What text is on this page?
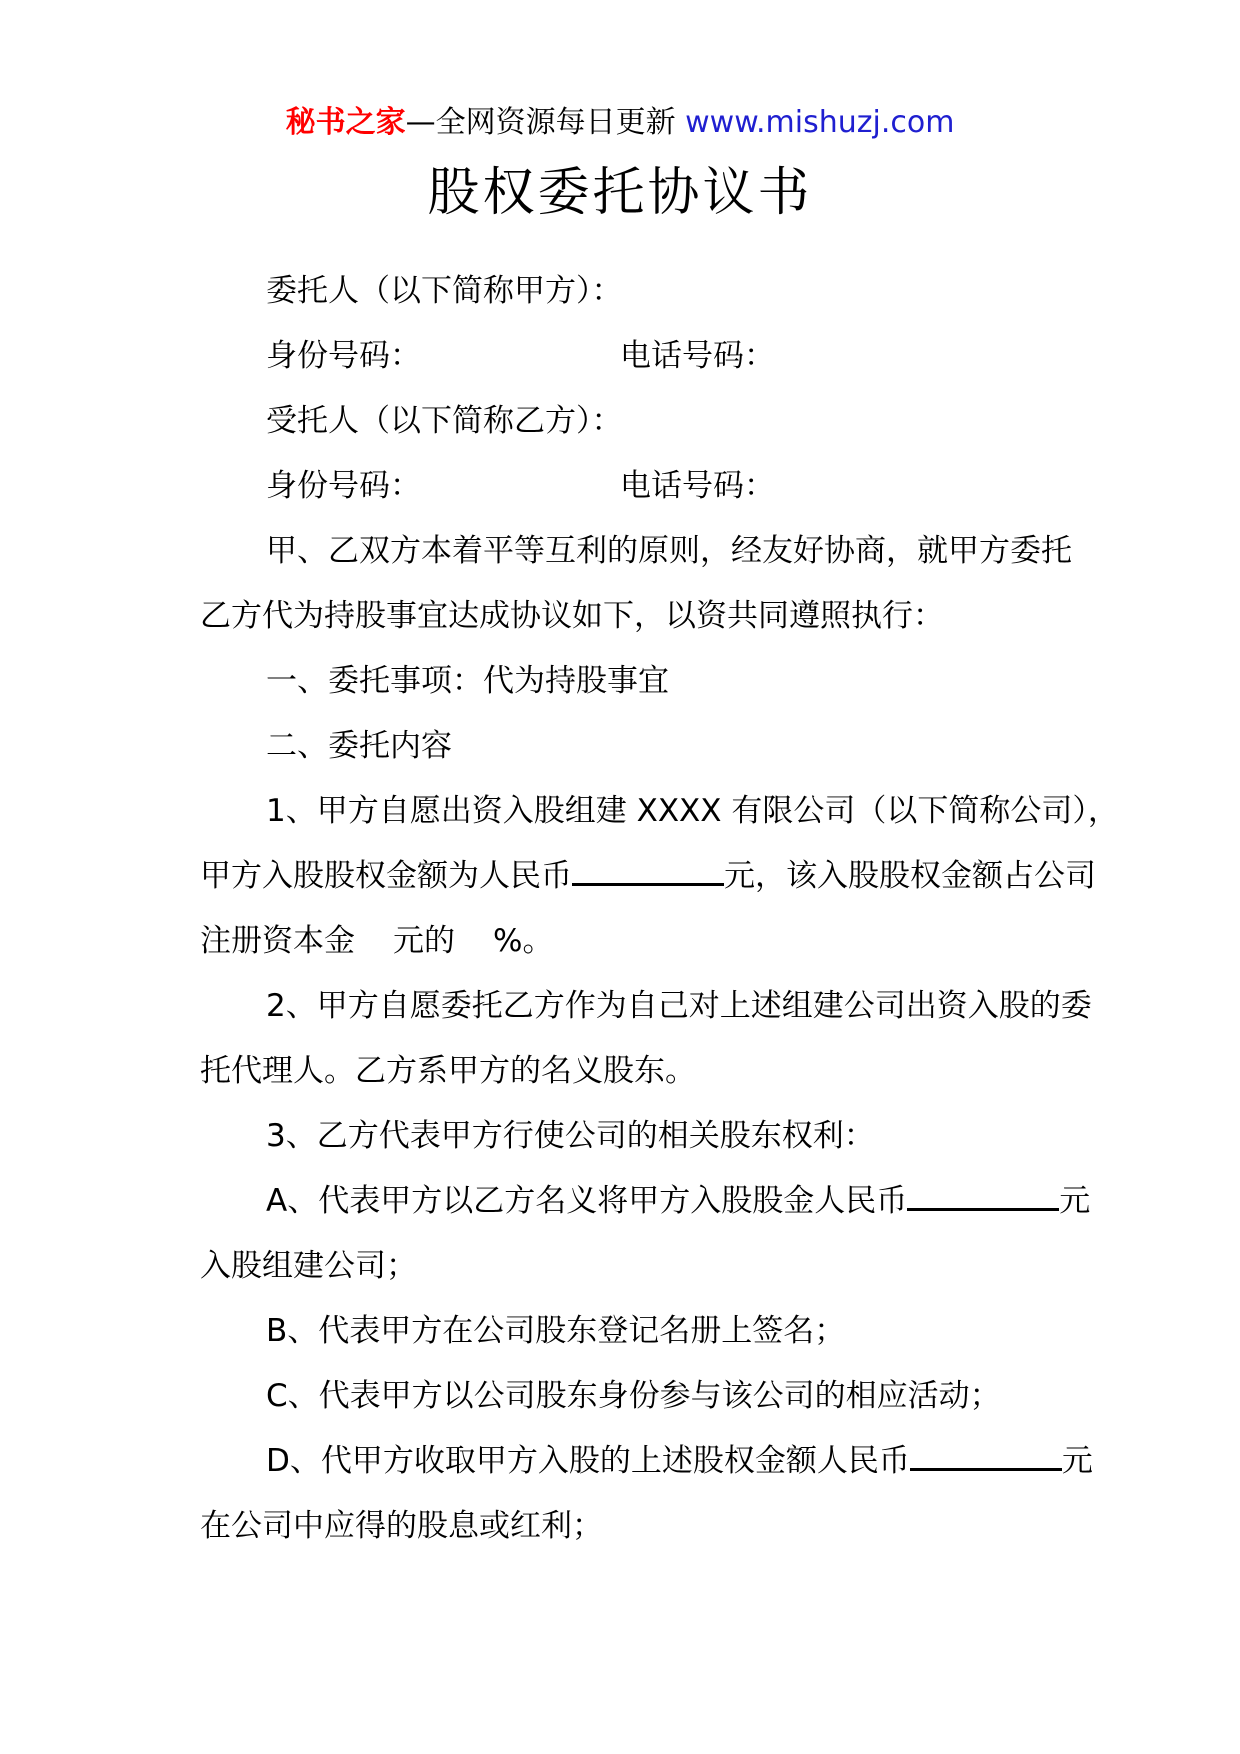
秘书之家—全网资源每日更新 www.mishuzj.com
股权委托协议书
委托人（以下简称甲方）：
身份号码：	电话号码：
受托人（以下简称乙方）：
身份号码：	电话号码：
甲、乙双方本着平等互利的原则，经友好协商，就甲方委托
乙方代为持股事宜达成协议如下，以资共同遵照执行：
一、委托事项：代为持股事宜
二、委托内容
1、甲方自愿出资入股组建 XXXX 有限公司（以下简称公司），
甲方入股股权金额为人民币	元，该入股股权金额占公司
注册资本金 元的 %。
2、甲方自愿委托乙方作为自己对上述组建公司出资入股的委
托代理人。乙方系甲方的名义股东。
3、乙方代表甲方行使公司的相关股东权利：
A、代表甲方以乙方名义将甲方入股股金人民币	元
入股组建公司；
B、代表甲方在公司股东登记名册上签名；
C、代表甲方以公司股东身份参与该公司的相应活动；
D、代甲方收取甲方入股的上述股权金额人民币	元
在公司中应得的股息或红利；
